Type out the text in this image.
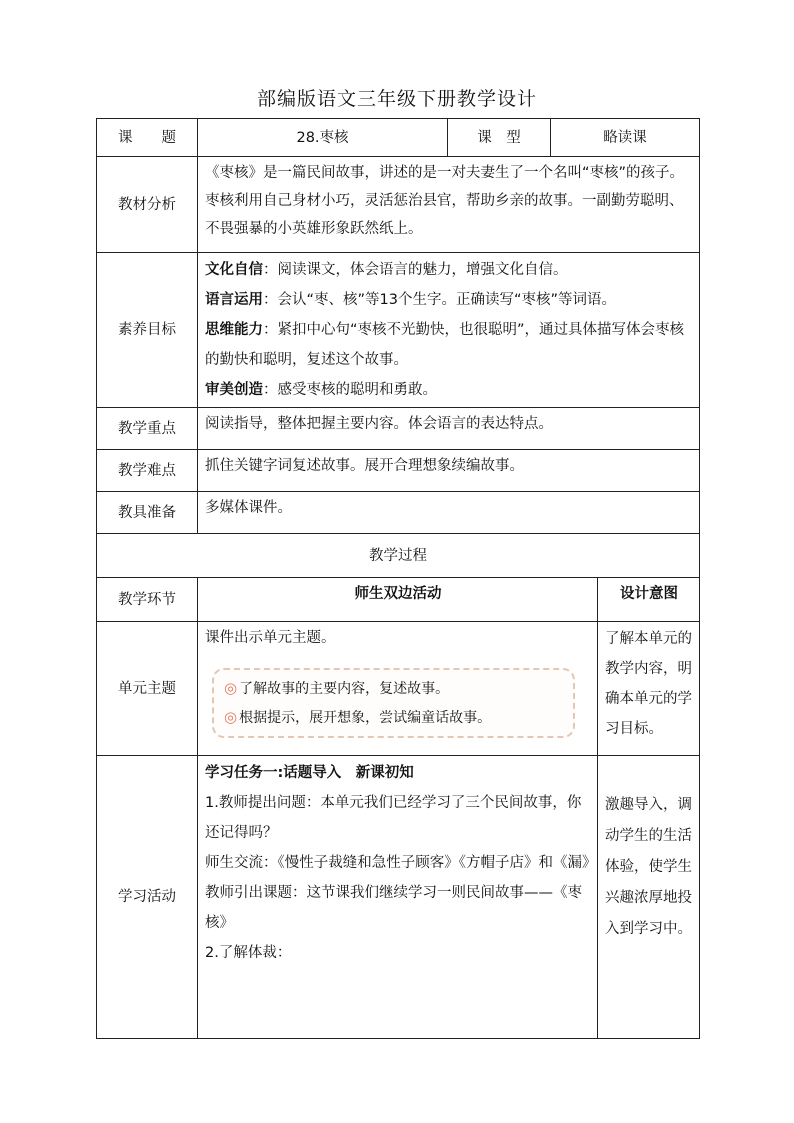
部编版语文三年级下册教学设计
课　　题	28.枣核	课　型	略读课	
教材分析	《枣核》是一篇民间故事，讲述的是一对夫妻生了一个名叫“枣核”的孩子。枣核利用自己身材小巧，灵活惩治县官，帮助乡亲的故事。一副勤劳聪明、不畏强暴的小英雄形象跃然纸上。			

素养目标	文化自信：阅读课文，体会语言的魅力，增强文化自信。
语言运用：会认“枣、核”等13个生字。正确读写“枣核”等词语。
思维能力：紧扣中心句“枣核不光勤快，也很聪明”，通过具体描写体会枣核的勤快和聪明，复述这个故事。
审美创造：感受枣核的聪明和勇敢。			

教学重点	阅读指导，整体把握主要内容。体会语言的表达特点。			

教学难点	抓住关键字词复述故事。展开合理想象续编故事。			

教具准备	多媒体课件。			

教学过程				
教学环节	师生双边活动			设计意图

单元主题	课件出示单元主题。
◎ 了解故事的主要内容，复述故事。
◎ 根据提示，展开想象，尝试编童话故事。			了解本单元的教学内容，明确本单元的学习目标。

学习活动	学习任务一:话题导入　新课初知
1.教师提出问题：本单元我们已经学习了三个民间故事，你还记得吗？
师生交流：《慢性子裁缝和急性子顾客》《方帽子店》和《漏》
教师引出课题：这节课我们继续学习一则民间故事——《枣核》
2.了解体裁：			激趣导入，调动学生的生活体验，使学生兴趣浓厚地投入到学习中。
